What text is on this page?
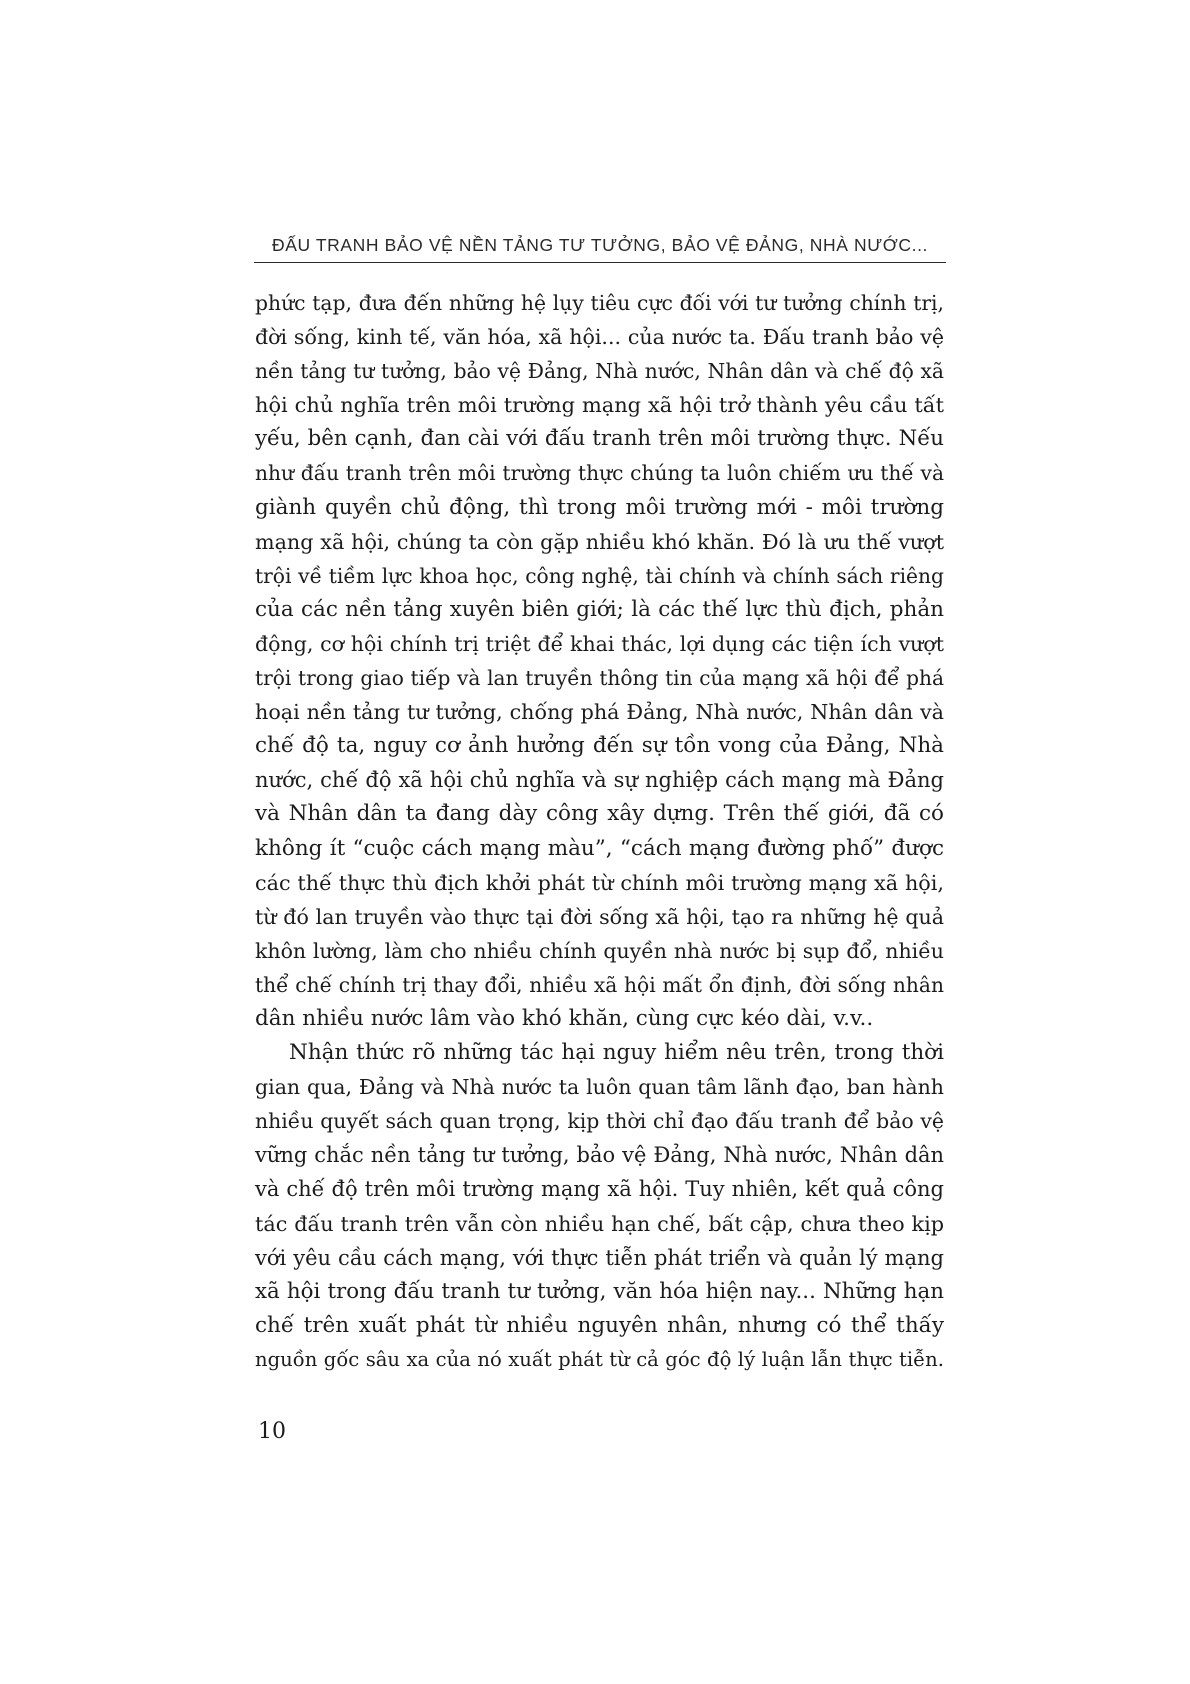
ĐẤU TRANH BẢO VỆ NỀN TẢNG TƯ TƯỞNG, BẢO VỆ ĐẢNG, NHÀ NƯỚC...
phức tạp, đưa đến những hệ lụy tiêu cực đối với tư tưởng chính trị,
đời sống, kinh tế, văn hóa, xã hội... của nước ta. Đấu tranh bảo vệ
nền tảng tư tưởng, bảo vệ Đảng, Nhà nước, Nhân dân và chế độ xã
hội chủ nghĩa trên môi trường mạng xã hội trở thành yêu cầu tất
yếu, bên cạnh, đan cài với đấu tranh trên môi trường thực. Nếu
như đấu tranh trên môi trường thực chúng ta luôn chiếm ưu thế và
giành quyền chủ động, thì trong môi trường mới - môi trường
mạng xã hội, chúng ta còn gặp nhiều khó khăn. Đó là ưu thế vượt
trội về tiềm lực khoa học, công nghệ, tài chính và chính sách riêng
của các nền tảng xuyên biên giới; là các thế lực thù địch, phản
động, cơ hội chính trị triệt để khai thác, lợi dụng các tiện ích vượt
trội trong giao tiếp và lan truyền thông tin của mạng xã hội để phá
hoại nền tảng tư tưởng, chống phá Đảng, Nhà nước, Nhân dân và
chế độ ta, nguy cơ ảnh hưởng đến sự tồn vong của Đảng, Nhà
nước, chế độ xã hội chủ nghĩa và sự nghiệp cách mạng mà Đảng
và Nhân dân ta đang dày công xây dựng. Trên thế giới, đã có
không ít “cuộc cách mạng màu”, “cách mạng đường phố” được
các thế thực thù địch khởi phát từ chính môi trường mạng xã hội,
từ đó lan truyền vào thực tại đời sống xã hội, tạo ra những hệ quả
khôn lường, làm cho nhiều chính quyền nhà nước bị sụp đổ, nhiều
thể chế chính trị thay đổi, nhiều xã hội mất ổn định, đời sống nhân
dân nhiều nước lâm vào khó khăn, cùng cực kéo dài, v.v..
Nhận thức rõ những tác hại nguy hiểm nêu trên, trong thời
gian qua, Đảng và Nhà nước ta luôn quan tâm lãnh đạo, ban hành
nhiều quyết sách quan trọng, kịp thời chỉ đạo đấu tranh để bảo vệ
vững chắc nền tảng tư tưởng, bảo vệ Đảng, Nhà nước, Nhân dân
và chế độ trên môi trường mạng xã hội. Tuy nhiên, kết quả công
tác đấu tranh trên vẫn còn nhiều hạn chế, bất cập, chưa theo kịp
với yêu cầu cách mạng, với thực tiễn phát triển và quản lý mạng
xã hội trong đấu tranh tư tưởng, văn hóa hiện nay... Những hạn
chế trên xuất phát từ nhiều nguyên nhân, nhưng có thể thấy
nguồn gốc sâu xa của nó xuất phát từ cả góc độ lý luận lẫn thực tiễn.
10
